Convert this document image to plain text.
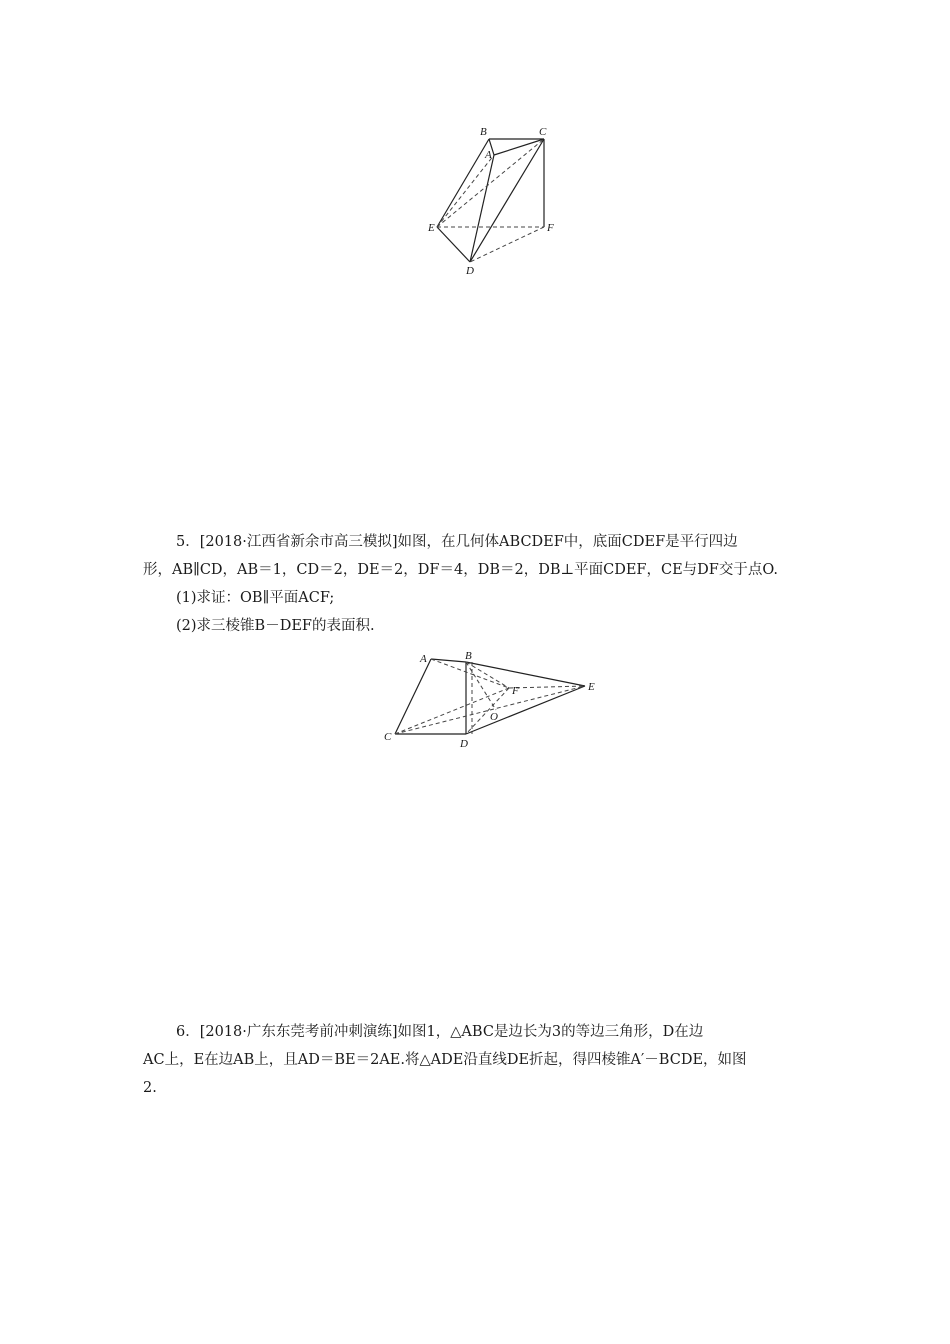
B	C
A
E	F
D

5．[2018·江西省新余市高三模拟]如图，在几何体ABCDEF中，底面CDEF是平行四边

形，AB∥CD，AB＝1，CD＝2，DE＝2，DF＝4，DB＝2，DB⊥平面CDEF，CE与DF交于点O.

(1)求证：OB∥平面ACF;

(2)求三棱锥B－DEF的表面积.

A	B
F	E
O
C
D

6．[2018·广东东莞考前冲刺演练]如图1，△ABC是边长为3的等边三角形，D在边

AC上，E在边AB上，且AD＝BE＝2AE.将△ADE沿直线DE折起，得四棱锥A′－BCDE，如图

2.
